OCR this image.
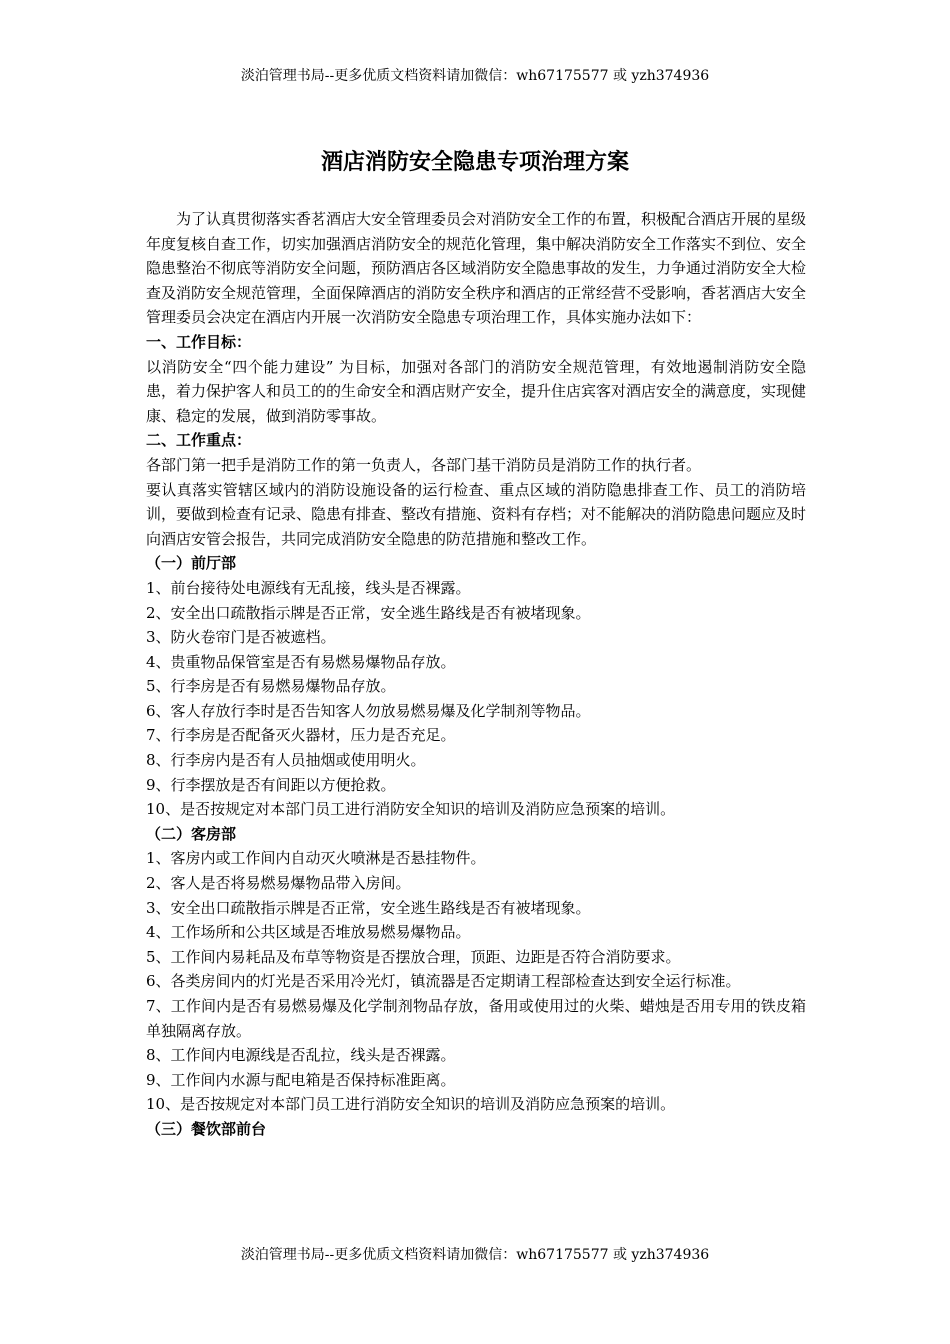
淡泊管理书局--更多优质文档资料请加微信：wh67175577 或 yzh374936
酒店消防安全隐患专项治理方案

为了认真贯彻落实香茗酒店大安全管理委员会对消防安全工作的布置，积极配合酒店开展的星级年度复核自查工作，切实加强酒店消防安全的规范化管理，集中解决消防安全工作落实不到位、安全隐患整治不彻底等消防安全问题，预防酒店各区域消防安全隐患事故的发生，力争通过消防安全大检查及消防安全规范管理，全面保障酒店的消防安全秩序和酒店的正常经营不受影响，香茗酒店大安全管理委员会决定在酒店内开展一次消防安全隐患专项治理工作，具体实施办法如下：

一、工作目标：

以消防安全“四个能力建设” 为目标，加强对各部门的消防安全规范管理，有效地遏制消防安全隐患，着力保护客人和员工的的生命安全和酒店财产安全，提升住店宾客对酒店安全的满意度，实现健康、稳定的发展，做到消防零事故。

二、工作重点：

各部门第一把手是消防工作的第一负责人，各部门基干消防员是消防工作的执行者。

要认真落实管辖区域内的消防设施设备的运行检查、重点区域的消防隐患排查工作、员工的消防培训，要做到检查有记录、隐患有排查、整改有措施、资料有存档；对不能解决的消防隐患问题应及时向酒店安管会报告，共同完成消防安全隐患的防范措施和整改工作。

（一）前厅部

1、前台接待处电源线有无乱接，线头是否裸露。

2、安全出口疏散指示牌是否正常，安全逃生路线是否有被堵现象。

3、防火卷帘门是否被遮档。

4、贵重物品保管室是否有易燃易爆物品存放。

5、行李房是否有易燃易爆物品存放。

6、客人存放行李时是否告知客人勿放易燃易爆及化学制剂等物品。

7、行李房是否配备灭火器材，压力是否充足。

8、行李房内是否有人员抽烟或使用明火。

9、行李摆放是否有间距以方便抢救。

10、是否按规定对本部门员工进行消防安全知识的培训及消防应急预案的培训。

（二）客房部

1、客房内或工作间内自动灭火喷淋是否悬挂物件。

2、客人是否将易燃易爆物品带入房间。

3、安全出口疏散指示牌是否正常，安全逃生路线是否有被堵现象。

4、工作场所和公共区域是否堆放易燃易爆物品。

5、工作间内易耗品及布草等物资是否摆放合理，顶距、边距是否符合消防要求。

6、各类房间内的灯光是否采用冷光灯，镇流器是否定期请工程部检查达到安全运行标准。

7、工作间内是否有易燃易爆及化学制剂物品存放，备用或使用过的火柴、蜡烛是否用专用的铁皮箱单独隔离存放。

8、工作间内电源线是否乱拉，线头是否裸露。

9、工作间内水源与配电箱是否保持标准距离。

10、是否按规定对本部门员工进行消防安全知识的培训及消防应急预案的培训。

（三）餐饮部前台

淡泊管理书局--更多优质文档资料请加微信：wh67175577 或 yzh374936
